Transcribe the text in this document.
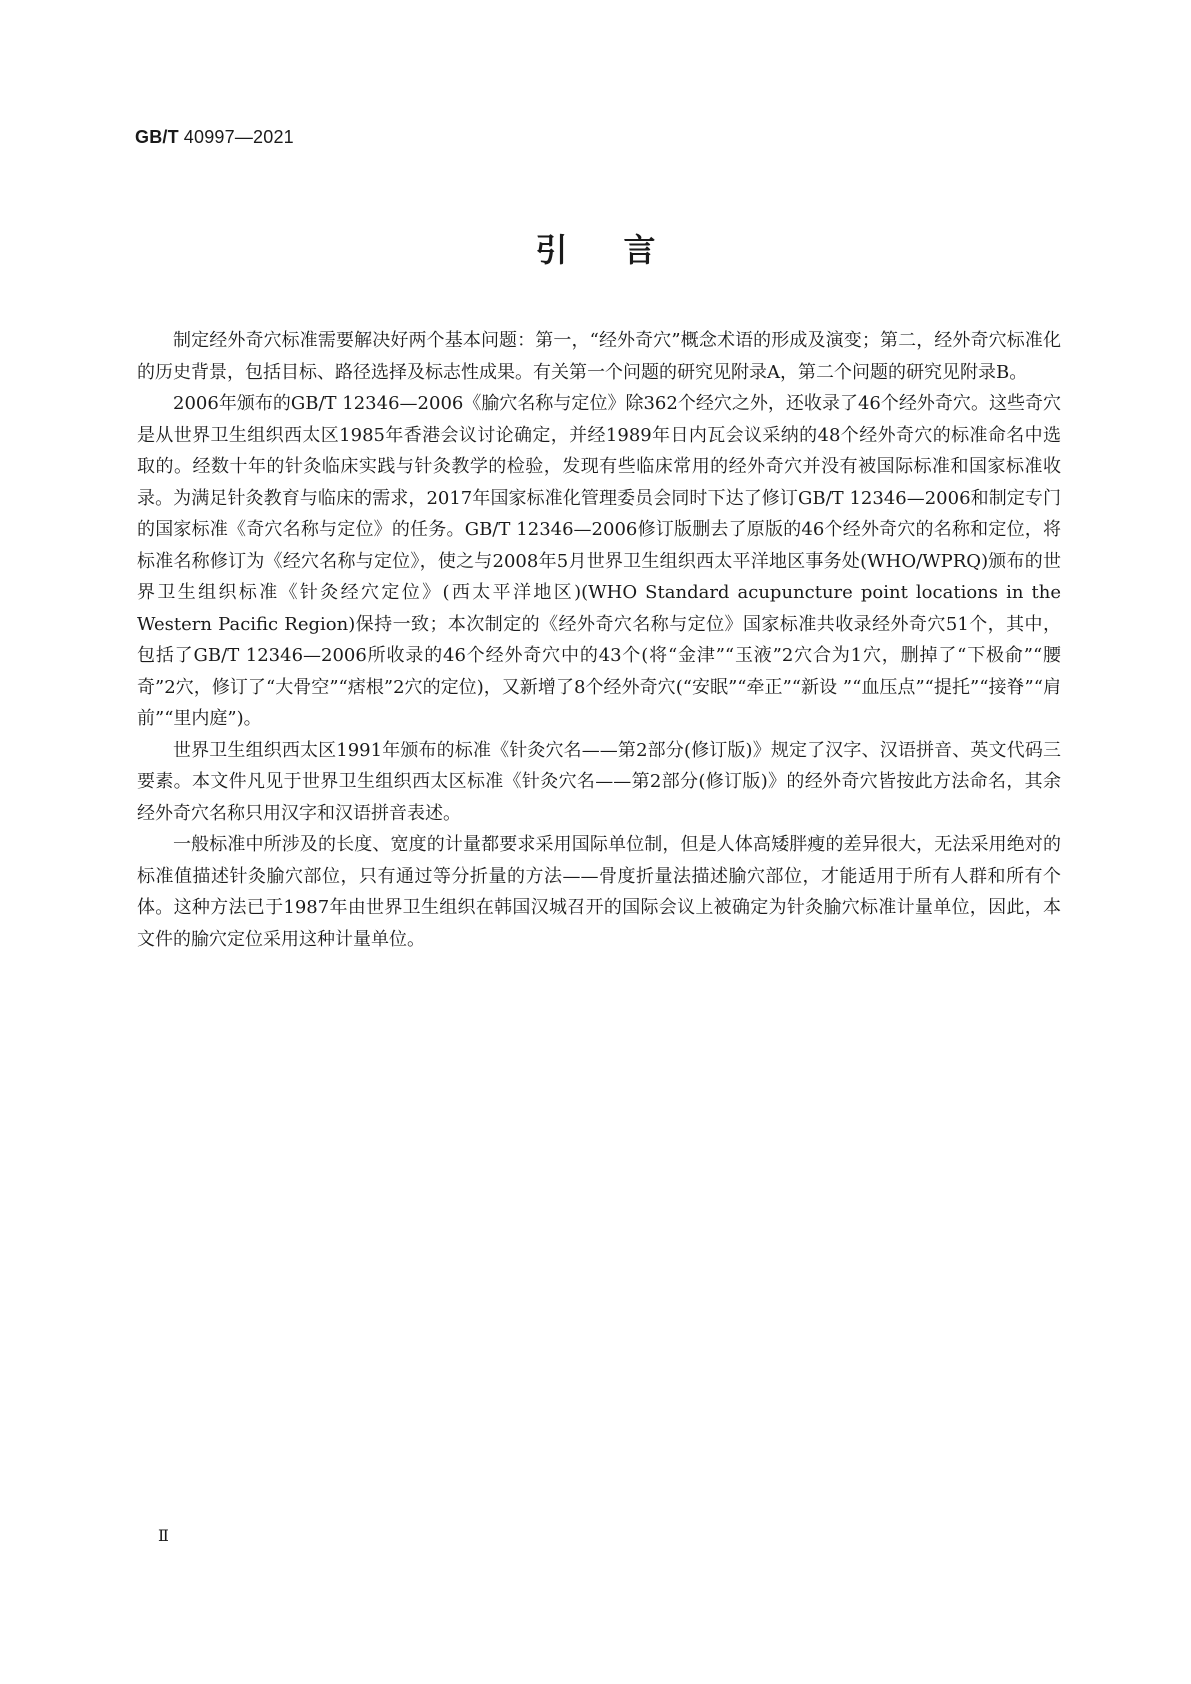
GB/T 40997—2021
引言

制定经外奇穴标准需要解决好两个基本问题：第一，“经外奇穴”概念术语的形成及演变；第二，经外奇穴标准化的历史背景，包括目标、路径选择及标志性成果。有关第一个问题的研究见附录A，第二个问题的研究见附录B。

2006年颁布的GB/T 12346—2006《腧穴名称与定位》除362个经穴之外，还收录了46个经外奇穴。这些奇穴是从世界卫生组织西太区1985年香港会议讨论确定，并经1989年日内瓦会议采纳的48个经外奇穴的标准命名中选取的。经数十年的针灸临床实践与针灸教学的检验，发现有些临床常用的经外奇穴并没有被国际标准和国家标准收录。为满足针灸教育与临床的需求，2017年国家标准化管理委员会同时下达了修订GB/T 12346—2006和制定专门的国家标准《奇穴名称与定位》的任务。GB/T 12346—2006修订版删去了原版的46个经外奇穴的名称和定位，将标准名称修订为《经穴名称与定位》，使之与2008年5月世界卫生组织西太平洋地区事务处(WHO/WPRQ)颁布的世界卫生组织标准《针灸经穴定位》(西太平洋地区)(WHO Standard acupuncture point locations in the Western Pacific Region)保持一致；本次制定的《经外奇穴名称与定位》国家标准共收录经外奇穴51个，其中，包括了GB/T 12346—2006所收录的46个经外奇穴中的43个(将“金津”“玉液”2穴合为1穴，删掉了“下极俞”“腰奇”2穴，修订了“大骨空”“痞根”2穴的定位)，又新增了8个经外奇穴(“安眠”“牵正”“新设 ”“血压点”“提托”“接脊”“肩前”“里内庭”)。

世界卫生组织西太区1991年颁布的标准《针灸穴名——第2部分(修订版)》规定了汉字、汉语拼音、英文代码三要素。本文件凡见于世界卫生组织西太区标准《针灸穴名——第2部分(修订版)》的经外奇穴皆按此方法命名，其余经外奇穴名称只用汉字和汉语拼音表述。

一般标准中所涉及的长度、宽度的计量都要求采用国际单位制，但是人体高矮胖瘦的差异很大，无法采用绝对的标准值描述针灸腧穴部位，只有通过等分折量的方法——骨度折量法描述腧穴部位，才能适用于所有人群和所有个体。这种方法已于1987年由世界卫生组织在韩国汉城召开的国际会议上被确定为针灸腧穴标准计量单位，因此，本文件的腧穴定位采用这种计量单位。

Ⅱ
